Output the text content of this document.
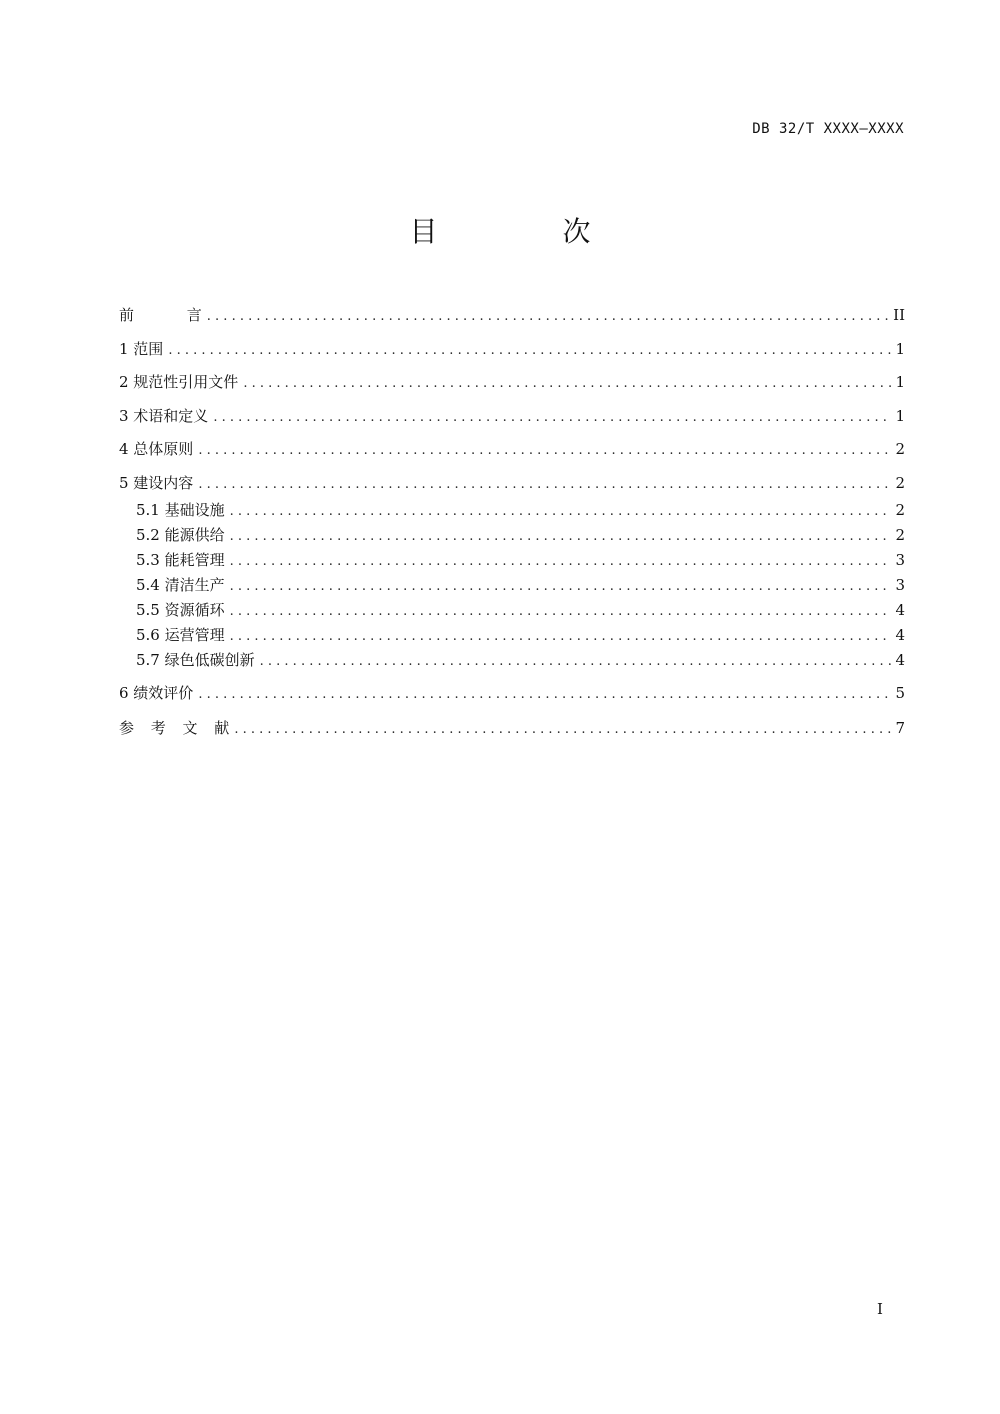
DB 32/T XXXX—XXXX
目 次
前 言 . . .	II
1 范围 . . .	1
2 规范性引用文件 . . .	1
3 术语和定义 . . .	1
4 总体原则 . . .	2
5 建设内容 . . .	2
5.1 基础设施 . . .	2
5.2 能源供给 . . .	2
5.3 能耗管理 . . .	3
5.4 清洁生产 . . .	3
5.5 资源循环 . . .	4
5.6 运营管理 . . .	4
5.7 绿色低碳创新 . . .	4
6 绩效评价 . . .	5
参 考 文 献 . . .	7
I
